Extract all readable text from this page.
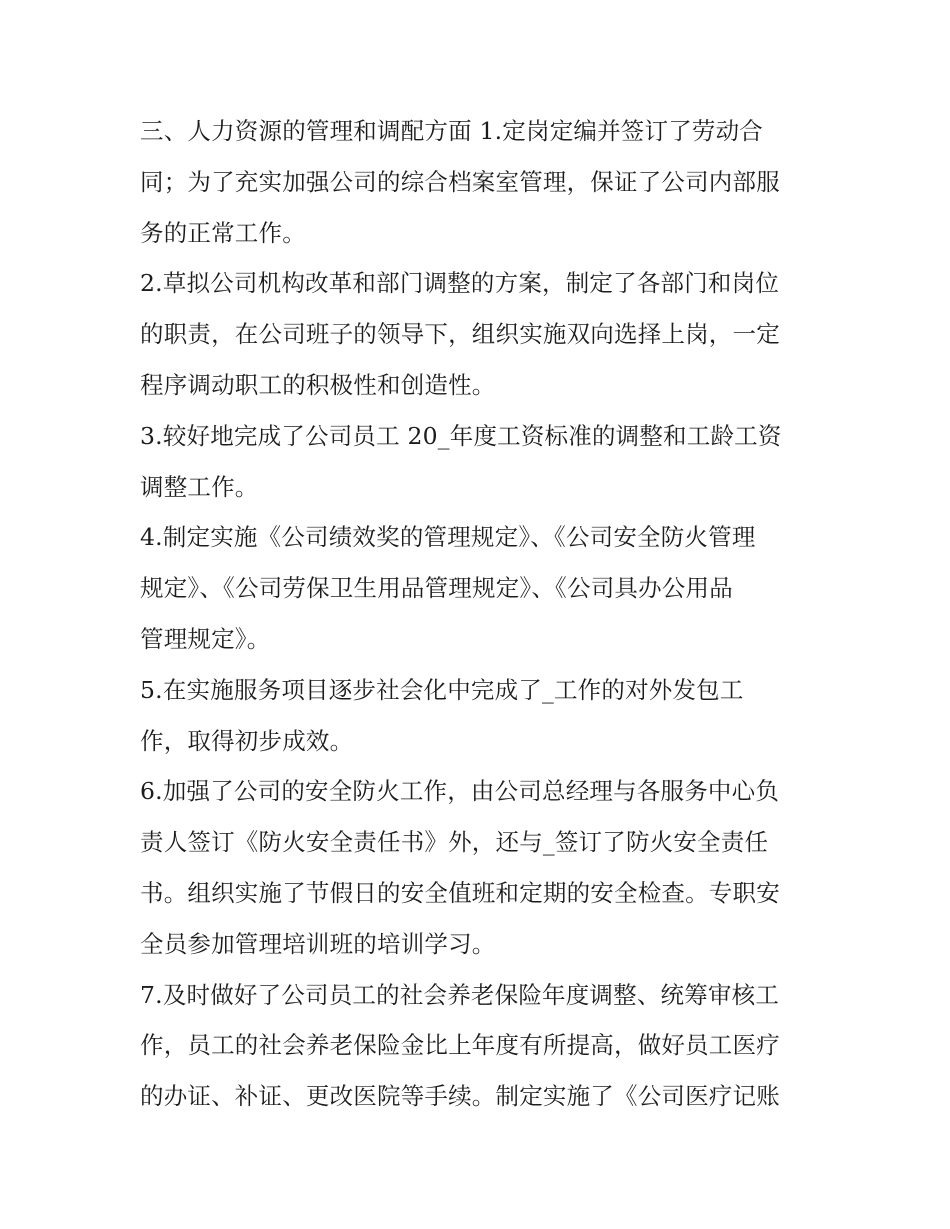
三、人力资源的管理和调配方面 1.定岗定编并签订了劳动合

同；为了充实加强公司的综合档案室管理，保证了公司内部服

务的正常工作。

2.草拟公司机构改革和部门调整的方案，制定了各部门和岗位

的职责，在公司班子的领导下，组织实施双向选择上岗，一定

程序调动职工的积极性和创造性。

3.较好地完成了公司员工 20_年度工资标准的调整和工龄工资

调整工作。

4.制定实施《公司绩效奖的管理规定》、《公司安全防火管理

规定》、《公司劳保卫生用品管理规定》、《公司具办公用品

管理规定》。

5.在实施服务项目逐步社会化中完成了_工作的对外发包工

作，取得初步成效。

6.加强了公司的安全防火工作，由公司总经理与各服务中心负

责人签订《防火安全责任书》外，还与_签订了防火安全责任

书。组织实施了节假日的安全值班和定期的安全检查。专职安

全员参加管理培训班的培训学习。

7.及时做好了公司员工的社会养老保险年度调整、统筹审核工

作，员工的社会养老保险金比上年度有所提高，做好员工医疗

的办证、补证、更改医院等手续。制定实施了《公司医疗记账
